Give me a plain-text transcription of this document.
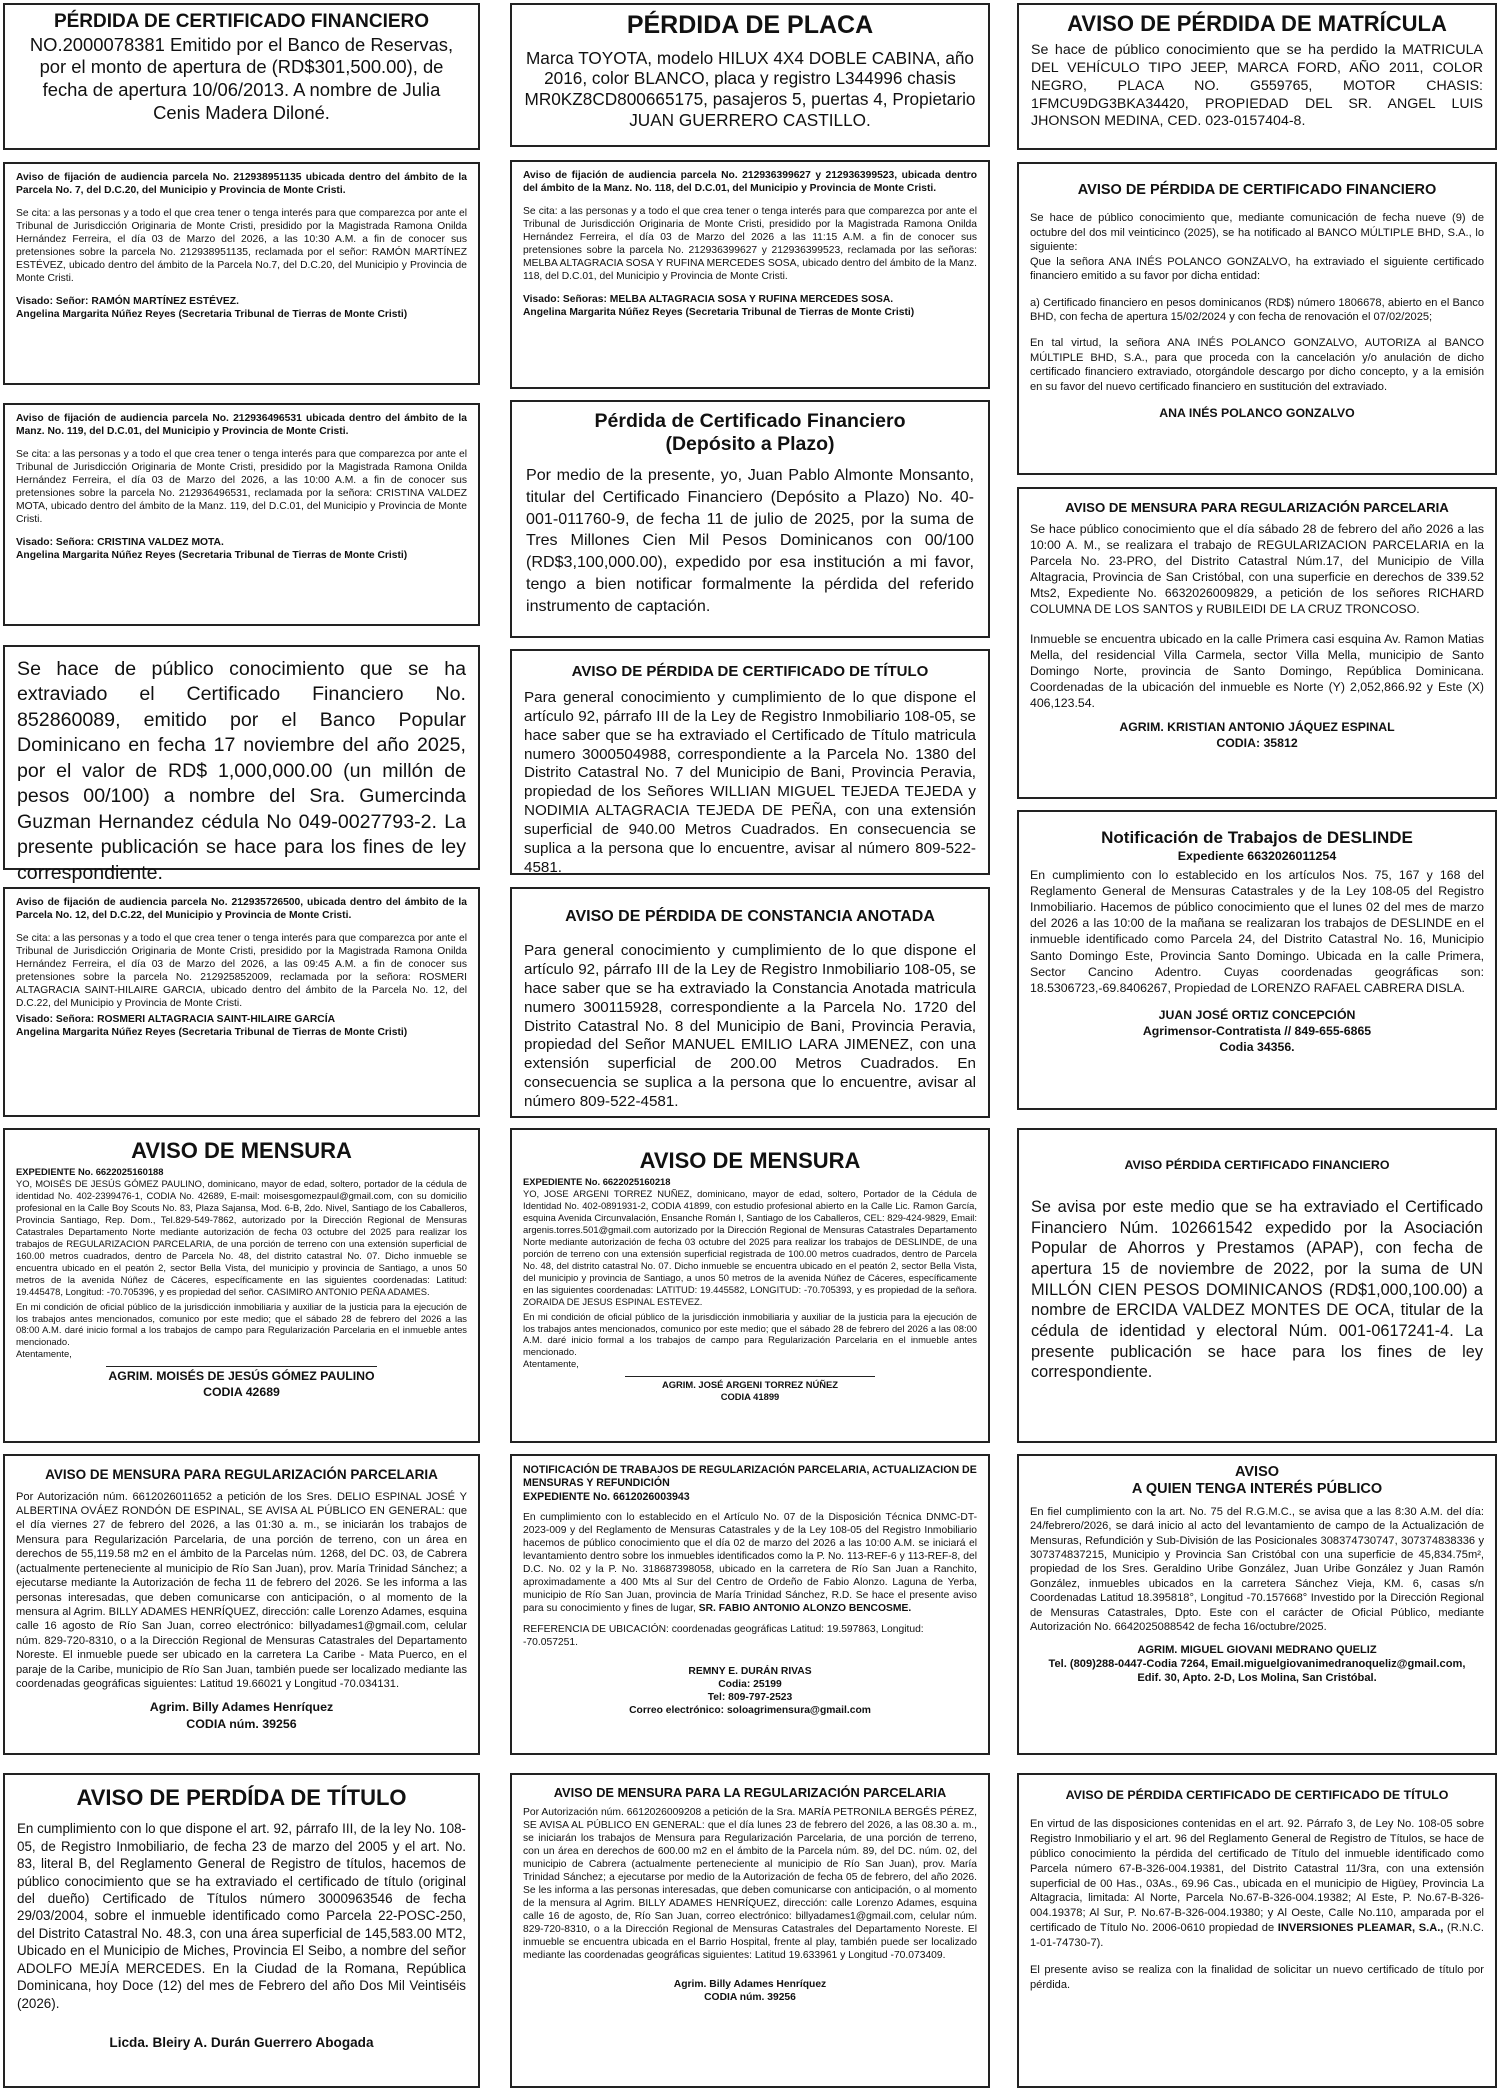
PÉRDIDA DE CERTIFICADO FINANCIERO
NO.2000078381 Emitido por el Banco de Reservas, por el monto de apertura de (RD$301,500.00), de fecha de apertura 10/06/2013. A nombre de Julia Cenis Madera Diloné.

Aviso de fijación de audiencia parcela No. 212938951135 ubicada dentro del ámbito de la Parcela No. 7, del D.C.20, del Municipio y Provincia de Monte Cristi.

Se cita: a las personas y a todo el que crea tener o tenga interés para que comparezca por ante el Tribunal de Jurisdicción Originaria de Monte Cristi, presidido por la Magistrada Ramona Onilda Hernández Ferreira, el día 03 de Marzo del 2026, a las 10:30 A.M. a fin de conocer sus pretensiones sobre la parcela No. 212938951135, reclamada por el señor: RAMÓN MARTÍNEZ ESTÉVEZ, ubicado dentro del ámbito de la Parcela No.7, del D.C.20, del Municipio y Provincia de Monte Cristi.

Visado: Señor: RAMÓN MARTÍNEZ ESTÉVEZ.

Angelina Margarita Núñez Reyes (Secretaria Tribunal de Tierras de Monte Cristi)

Aviso de fijación de audiencia parcela No. 212936496531 ubicada dentro del ámbito de la Manz. No. 119, del D.C.01, del Municipio y Provincia de Monte Cristi.

Se cita: a las personas y a todo el que crea tener o tenga interés para que comparezca por ante el Tribunal de Jurisdicción Originaria de Monte Cristi, presidido por la Magistrada Ramona Onilda Hernández Ferreira, el día 03 de Marzo del 2026, a las 10:00 A.M. a fin de conocer sus pretensiones sobre la parcela No. 212936496531, reclamada por la señora: CRISTINA VALDEZ MOTA, ubicado dentro del ámbito de la Manz. 119, del D.C.01, del Municipio y Provincia de Monte Cristi.

Visado: Señora: CRISTINA VALDEZ MOTA.

Angelina Margarita Núñez Reyes (Secretaria Tribunal de Tierras de Monte Cristi)

Se hace de público conocimiento que se ha extraviado el Certificado Financiero No. 852860089, emitido por el Banco Popular Dominicano en fecha 17 noviembre del año 2025, por el valor de RD$ 1,000,000.00 (un millón de pesos 00/100) a nombre del Sra. Gumercinda Guzman Hernandez cédula No 049-0027793-2. La presente publicación se hace para los fines de ley correspondiente.

Aviso de fijación de audiencia parcela No. 212935726500, ubicada dentro del ámbito de la Parcela No. 12, del D.C.22, del Municipio y Provincia de Monte Cristi.

Se cita: a las personas y a todo el que crea tener o tenga interés para que comparezca por ante el Tribunal de Jurisdicción Originaria de Monte Cristi, presidido por la Magistrada Ramona Onilda Hernández Ferreira, el día 03 de Marzo del 2026, a las 09:45 A.M. a fin de conocer sus pretensiones sobre la parcela No. 212925852009, reclamada por la señora: ROSMERI ALTAGRACIA SAINT-HILAIRE GARCIA, ubicado dentro del ámbito de la Parcela No. 12, del D.C.22, del Municipio y Provincia de Monte Cristi.

Visado: Señora: ROSMERI ALTAGRACIA SAINT-HILAIRE GARCÍA

Angelina Margarita Núñez Reyes (Secretaria Tribunal de Tierras de Monte Cristi)

AVISO DE MENSURA

EXPEDIENTE No. 6622025160188

YO, MOISÉS DE JESÚS GÓMEZ PAULINO, dominicano, mayor de edad, soltero, portador de la cédula de identidad No. 402-2399476-1, CODIA No. 42689, E-mail: moisesgomezpaul@gmail.com, con su domicilio profesional en la Calle Boy Scouts No. 83, Plaza Sajansa, Mod. 6-B, 2do. Nivel, Santiago de los Caballeros, Provincia Santiago, Rep. Dom., Tel.829-549-7862, autorizado por la Dirección Regional de Mensuras Catastrales Departamento Norte mediante autorización de fecha 03 octubre del 2025 para realizar los trabajos de REGULARIZACION PARCELARIA, de una porción de terreno con una extensión superficial de 160.00 metros cuadrados, dentro de Parcela No. 48, del distrito catastral No. 07. Dicho inmueble se encuentra ubicado en el peatón 2, sector Bella Vista, del municipio y provincia de Santiago, a unos 50 metros de la avenida Núñez de Cáceres, específicamente en las siguientes coordenadas: Latitud: 19.445478, Longitud: -70.705396, y es propiedad del señor. CASIMIRO ANTONIO PEÑA ADAMES.

En mi condición de oficial público de la jurisdicción inmobiliaria y auxiliar de la justicia para la ejecución de los trabajos antes mencionados, comunico por este medio; que el sábado 28 de febrero del 2026 a las 08:00 A.M. daré inicio formal a los trabajos de campo para Regularización Parcelaria en el inmueble antes mencionado.

Atentamente,

AGRIM. MOISÉS DE JESÚS GÓMEZ PAULINO

CODIA 42689

AVISO DE MENSURA PARA REGULARIZACIÓN PARCELARIA

Por Autorización núm. 6612026011652 a petición de los Sres. DELIO ESPINAL JOSÉ Y ALBERTINA OVÁEZ RONDÓN DE ESPINAL, SE AVISA AL PÚBLICO EN GENERAL: que el día viernes 27 de febrero del 2026, a las 01:30 a. m., se iniciarán los trabajos de Mensura para Regularización Parcelaria, de una porción de terreno, con un área en derechos de 55,119.58 m2 en el ámbito de la Parcelas núm. 1268, del DC. 03, de Cabrera (actualmente perteneciente al municipio de Río San Juan), prov. María Trinidad Sánchez; a ejecutarse mediante la Autorización de fecha 11 de febrero del 2026. Se les informa a las personas interesadas, que deben comunicarse con anticipación, o al momento de la mensura al Agrim. BILLY ADAMES HENRÍQUEZ, dirección: calle Lorenzo Adames, esquina calle 16 agosto de Río San Juan, correo electrónico: billyadames1@gmail.com, celular núm. 829-720-8310, o a la Dirección Regional de Mensuras Catastrales del Departamento Noreste. El inmueble puede ser ubicado en la carretera La Caribe - Mata Puerco, en el paraje de la Caribe, municipio de Río San Juan, también puede ser localizado mediante las coordenadas geográficas siguientes: Latitud 19.66021 y Longitud -70.034131.

Agrim. Billy Adames Henríquez

CODIA núm. 39256

AVISO DE PERDÍDA DE TÍTULO

En cumplimiento con lo que dispone el art. 92, párrafo III, de la ley No. 108-05, de Registro Inmobiliario, de fecha 23 de marzo del 2005 y el art. No. 83, literal B, del Reglamento General de Registro de títulos, hacemos de público conocimiento que se ha extraviado el certificado de título (original del dueño) Certificado de Títulos número 3000963546 de fecha 29/03/2004, sobre el inmueble identificado como Parcela 22-POSC-250, del Distrito Catastral No. 48.3, con una área superficial de 145,583.00 MT2, Ubicado en el Municipio de Miches, Provincia El Seibo, a nombre del señor ADOLFO MEJÍA MERCEDES. En la Ciudad de la Romana, República Dominicana, hoy Doce (12) del mes de Febrero del año Dos Mil Veintiséis (2026).

Licda. Bleiry A. Durán Guerrero Abogada

PÉRDIDA DE PLACA

Marca TOYOTA, modelo HILUX 4X4 DOBLE CABINA, año 2016, color BLANCO, placa y registro L344996 chasis MR0KZ8CD800665175, pasajeros 5, puertas 4, Propietario JUAN GUERRERO CASTILLO.

Aviso de fijación de audiencia parcela No. 212936399627 y 212936399523, ubicada dentro del ámbito de la Manz. No. 118, del D.C.01, del Municipio y Provincia de Monte Cristi.

Se cita: a las personas y a todo el que crea tener o tenga interés para que comparezca por ante el Tribunal de Jurisdicción Originaria de Monte Cristi, presidido por la Magistrada Ramona Onilda Hernández Ferreira, el día 03 de Marzo del 2026 a las 11:15 A.M. a fin de conocer sus pretensiones sobre la parcela No. 212936399627 y 212936399523, reclamada por las señoras: MELBA ALTAGRACIA SOSA Y RUFINA MERCEDES SOSA, ubicado dentro del ámbito de la Manz. 118, del D.C.01, del Municipio y Provincia de Monte Cristi.

Visado: Señoras: MELBA ALTAGRACIA SOSA Y RUFINA MERCEDES SOSA.

Angelina Margarita Núñez Reyes (Secretaria Tribunal de Tierras de Monte Cristi)

Pérdida de Certificado Financiero
(Depósito a Plazo)

Por medio de la presente, yo, Juan Pablo Almonte Monsanto, titular del Certificado Financiero (Depósito a Plazo) No. 40-001-011760-9, de fecha 11 de julio de 2025, por la suma de Tres Millones Cien Mil Pesos Dominicanos con 00/100 (RD$3,100,000.00), expedido por esa institución a mi favor, tengo a bien notificar formalmente la pérdida del referido instrumento de captación.

AVISO DE PÉRDIDA DE CERTIFICADO DE TÍTULO

Para general conocimiento y cumplimiento de lo que dispone el artículo 92, párrafo III de la Ley de Registro Inmobiliario 108-05, se hace saber que se ha extraviado el Certificado de Título matricula numero 3000504988, correspondiente a la Parcela No. 1380 del Distrito Catastral No. 7 del Municipio de Bani, Provincia Peravia, propiedad de los Señores WILLIAN MIGUEL TEJEDA TEJEDA y NODIMIA ALTAGRACIA TEJEDA DE PEÑA, con una extensión superficial de 940.00 Metros Cuadrados. En consecuencia se suplica a la persona que lo encuentre, avisar al número 809-522-4581.

AVISO DE PÉRDIDA DE CONSTANCIA ANOTADA

Para general conocimiento y cumplimiento de lo que dispone el artículo 92, párrafo III de la Ley de Registro Inmobiliario 108-05, se hace saber que se ha extraviado la Constancia Anotada matricula numero 300115928, correspondiente a la Parcela No. 1720 del Distrito Catastral No. 8 del Municipio de Bani, Provincia Peravia, propiedad del Señor MANUEL EMILIO LARA JIMENEZ, con una extensión superficial de 200.00 Metros Cuadrados. En consecuencia se suplica a la persona que lo encuentre, avisar al número 809-522-4581.

AVISO DE MENSURA

EXPEDIENTE No. 6622025160218

YO, JOSE ARGENI TORREZ NUÑEZ, dominicano, mayor de edad, soltero, Portador de la Cédula de Identidad No. 402-0891931-2, CODIA 41899, con estudio profesional abierto en la Calle Lic. Ramon García, esquina Avenida Circunvalación, Ensanche Román I, Santiago de los Caballeros, CEL: 829-424-9829, Email: argenis.torres.501@gmail.com autorizado por la Dirección Regional de Mensuras Catastrales Departamento Norte mediante autorización de fecha 03 octubre del 2025 para realizar los trabajos de DESLINDE, de una porción de terreno con una extensión superficial registrada de 100.00 metros cuadrados, dentro de Parcela No. 48, del distrito catastral No. 07. Dicho inmueble se encuentra ubicado en el peatón 2, sector Bella Vista, del municipio y provincia de Santiago, a unos 50 metros de la avenida Núñez de Cáceres, específicamente en las siguientes coordenadas: LATITUD: 19.445582, LONGITUD: -70.705393, y es propiedad de la señora. ZORAIDA DE JESUS ESPINAL ESTEVEZ.

En mi condición de oficial público de la jurisdicción inmobiliaria y auxiliar de la justicia para la ejecución de los trabajos antes mencionados, comunico por este medio; que el sábado 28 de febrero del 2026 a las 08:00 A.M. daré inicio formal a los trabajos de campo para Regularización Parcelaria en el inmueble antes mencionado.

Atentamente,

AGRIM. JOSÉ ARGENI TORREZ NÚÑEZ

CODIA 41899

NOTIFICACIÓN DE TRABAJOS DE REGULARIZACIÓN PARCELARIA, ACTUALIZACION DE MENSURAS Y REFUNDICIÓN

EXPEDIENTE No. 6612026003943

En cumplimiento con lo establecido en el Artículo No. 07 de la Disposición Técnica DNMC-DT-2023-009 y del Reglamento de Mensuras Catastrales y de la Ley 108-05 del Registro Inmobiliario hacemos de público conocimiento que el día 02 de marzo del 2026 a las 10:00 A.M. se iniciará el levantamiento dentro sobre los inmuebles identificados como la P. No. 113-REF-6 y 113-REF-8, del D.C. No. 02 y la P. No. 318687398058, ubicado en la carretera de Río San Juan a Ranchito, aproximadamente a 400 Mts al Sur del Centro de Ordeño de Fabio Alonzo. Laguna de Yerba, municipio de Río San Juan, provincia de María Trinidad Sánchez, R.D. Se hace el presente aviso para su conocimiento y fines de lugar, SR. FABIO ANTONIO ALONZO BENCOSME.

REFERENCIA DE UBICACIÓN: coordenadas geográficas Latitud: 19.597863, Longitud: -70.057251.

REMNY E. DURÁN RIVAS

Codia: 25199

Tel: 809-797-2523

Correo electrónico: soloagrimensura@gmail.com

AVISO DE MENSURA PARA LA REGULARIZACIÓN PARCELARIA

Por Autorización núm. 6612026009208 a petición de la Sra. MARÍA PETRONILA BERGÉS PÉREZ, SE AVISA AL PÚBLICO EN GENERAL: que el día lunes 23 de febrero del 2026, a las 08.30 a. m., se iniciarán los trabajos de Mensura para Regularización Parcelaria, de una porción de terreno, con un área en derechos de 600.00 m2 en el ámbito de la Parcela núm. 89, del DC. núm. 02, del municipio de Cabrera (actualmente perteneciente al municipio de Río San Juan), prov. María Trinidad Sánchez; a ejecutarse por medio de la Autorización de fecha 05 de febrero, del año 2026. Se les informa a las personas interesadas, que deben comunicarse con anticipación, o al momento de la mensura al Agrim. BILLY ADAMES HENRÍQUEZ, dirección: calle Lorenzo Adames, esquina calle 16 de agosto, de, Río San Juan, correo electrónico: billyadames1@gmail.com, celular núm. 829-720-8310, o a la Dirección Regional de Mensuras Catastrales del Departamento Noreste. El inmueble se encuentra ubicada en el Barrio Hospital, frente al play, también puede ser localizado mediante las coordenadas geográficas siguientes: Latitud 19.633961 y Longitud -70.073409.

Agrim. Billy Adames Henríquez

CODIA núm. 39256

AVISO DE PÉRDIDA DE MATRÍCULA

Se hace de público conocimiento que se ha perdido la MATRICULA DEL VEHÍCULO TIPO JEEP, MARCA FORD, AÑO 2011, COLOR NEGRO, PLACA NO. G559765, MOTOR CHASIS: 1FMCU9DG3BKA34420, PROPIEDAD DEL SR. ANGEL LUIS JHONSON MEDINA, CED. 023-0157404-8.

AVISO DE PÉRDIDA DE CERTIFICADO FINANCIERO

Se hace de público conocimiento que, mediante comunicación de fecha nueve (9) de octubre del dos mil veinticinco (2025), se ha notificado al BANCO MÚLTIPLE BHD, S.A., lo siguiente:

Que la señora ANA INÉS POLANCO GONZALVO, ha extraviado el siguiente certificado financiero emitido a su favor por dicha entidad:

a) Certificado financiero en pesos dominicanos (RD$) número 1806678, abierto en el Banco BHD, con fecha de apertura 15/02/2024 y con fecha de renovación el 07/02/2025;

En tal virtud, la señora ANA INÉS POLANCO GONZALVO, AUTORIZA al BANCO MÚLTIPLE BHD, S.A., para que proceda con la cancelación y/o anulación de dicho certificado financiero extraviado, otorgándole descargo por dicho concepto, y a la emisión en su favor del nuevo certificado financiero en sustitución del extraviado.

ANA INÉS POLANCO GONZALVO

AVISO DE MENSURA PARA REGULARIZACIÓN PARCELARIA

Se hace público conocimiento que el día sábado 28 de febrero del año 2026 a las 10:00 A. M., se realizara el trabajo de REGULARIZACION PARCELARIA en la Parcela No. 23-PRO, del Distrito Catastral Núm.17, del Municipio de Villa Altagracia, Provincia de San Cristóbal, con una superficie en derechos de 339.52 Mts2, Expediente No. 6632026009829, a petición de los señores RICHARD COLUMNA DE LOS SANTOS y RUBILEIDI DE LA CRUZ TRONCOSO.

Inmueble se encuentra ubicado en la calle Primera casi esquina Av. Ramon Matias Mella, del residencial Villa Carmela, sector Villa Mella, municipio de Santo Domingo Norte, provincia de Santo Domingo, República Dominicana. Coordenadas de la ubicación del inmueble es Norte (Y) 2,052,866.92 y Este (X) 406,123.54.

AGRIM. KRISTIAN ANTONIO JÁQUEZ ESPINAL

CODIA: 35812

Notificación de Trabajos de DESLINDE
Expediente 6632026011254

En cumplimiento con lo establecido en los artículos Nos. 75, 167 y 168 del Reglamento General de Mensuras Catastrales y de la Ley 108-05 del Registro Inmobiliario. Hacemos de público conocimiento que el lunes 02 del mes de marzo del 2026 a las 10:00 de la mañana se realizaran los trabajos de DESLINDE en el inmueble identificado como Parcela 24, del Distrito Catastral No. 16, Municipio Santo Domingo Este, Provincia Santo Domingo. Ubicada en la calle Primera, Sector Cancino Adentro. Cuyas coordenadas geográficas son: 18.5306723,-69.8406267, Propiedad de LORENZO RAFAEL CABRERA DISLA.

JUAN JOSÉ ORTIZ CONCEPCIÓN

Agrimensor-Contratista // 849-655-6865

Codia 34356.

AVISO PÉRDIDA CERTIFICADO FINANCIERO

Se avisa por este medio que se ha extraviado el Certificado Financiero Núm. 102661542 expedido por la Asociación Popular de Ahorros y Prestamos (APAP), con fecha de apertura 15 de noviembre de 2022, por la suma de UN MILLÓN CIEN PESOS DOMINICANOS (RD$1,000,100.00) a nombre de ERCIDA VALDEZ MONTES DE OCA, titular de la cédula de identidad y electoral Núm. 001-0617241-4. La presente publicación se hace para los fines de ley correspondiente.

AVISO
A QUIEN TENGA INTERÉS PÚBLICO

En fiel cumplimiento con la art. No. 75 del R.G.M.C., se avisa que a las 8:30 A.M. del día: 24/febrero/2026, se dará inicio al acto del levantamiento de campo de la Actualización de Mensuras, Refundición y Sub-División de las Posicionales 308374730747, 307374838336 y 307374837215, Municipio y Provincia San Cristóbal con una superficie de 45,834.75m², propiedad de los Sres. Geraldino Uribe González, Juan Uribe González y Juan Ramón González, inmuebles ubicados en la carretera Sánchez Vieja, KM. 6, casas s/n Coordenadas Latitud 18.395818°, Longitud -70.157668° Investido por la Dirección Regional de Mensuras Catastrales, Dpto. Este con el carácter de Oficial Público, mediante Autorización No. 6642025088542 de fecha 16/octubre/2025.

AGRIM. MIGUEL GIOVANI MEDRANO QUELIZ

Tel. (809)288-0447-Codia 7264, Email.miguelgiovanimedranoqueliz@gmail.com,

Edif. 30, Apto. 2-D, Los Molina, San Cristóbal.

AVISO DE PÉRDIDA CERTIFICADO DE CERTIFICADO DE TÍTULO

En virtud de las disposiciones contenidas en el art. 92. Párrafo 3, de Ley No. 108-05 sobre Registro Inmobiliario y el art. 96 del Reglamento General de Registro de Títulos, se hace de público conocimiento la pérdida del certificado de Título del inmueble identificado como Parcela número 67-B-326-004.19381, del Distrito Catastral 11/3ra, con una extensión superficial de 00 Has., 03As., 69.96 Cas., ubicada en el municipio de Higüey, Provincia La Altagracia, limitada: Al Norte, Parcela No.67-B-326-004.19382; Al Este, P. No.67-B-326-004.19378; Al Sur, P. No.67-B-326-004.19380; y Al Oeste, Calle No.110, amparada por el certificado de Título No. 2006-0610 propiedad de INVERSIONES PLEAMAR, S.A., (R.N.C. 1-01-74730-7).

El presente aviso se realiza con la finalidad de solicitar un nuevo certificado de título por pérdida.
